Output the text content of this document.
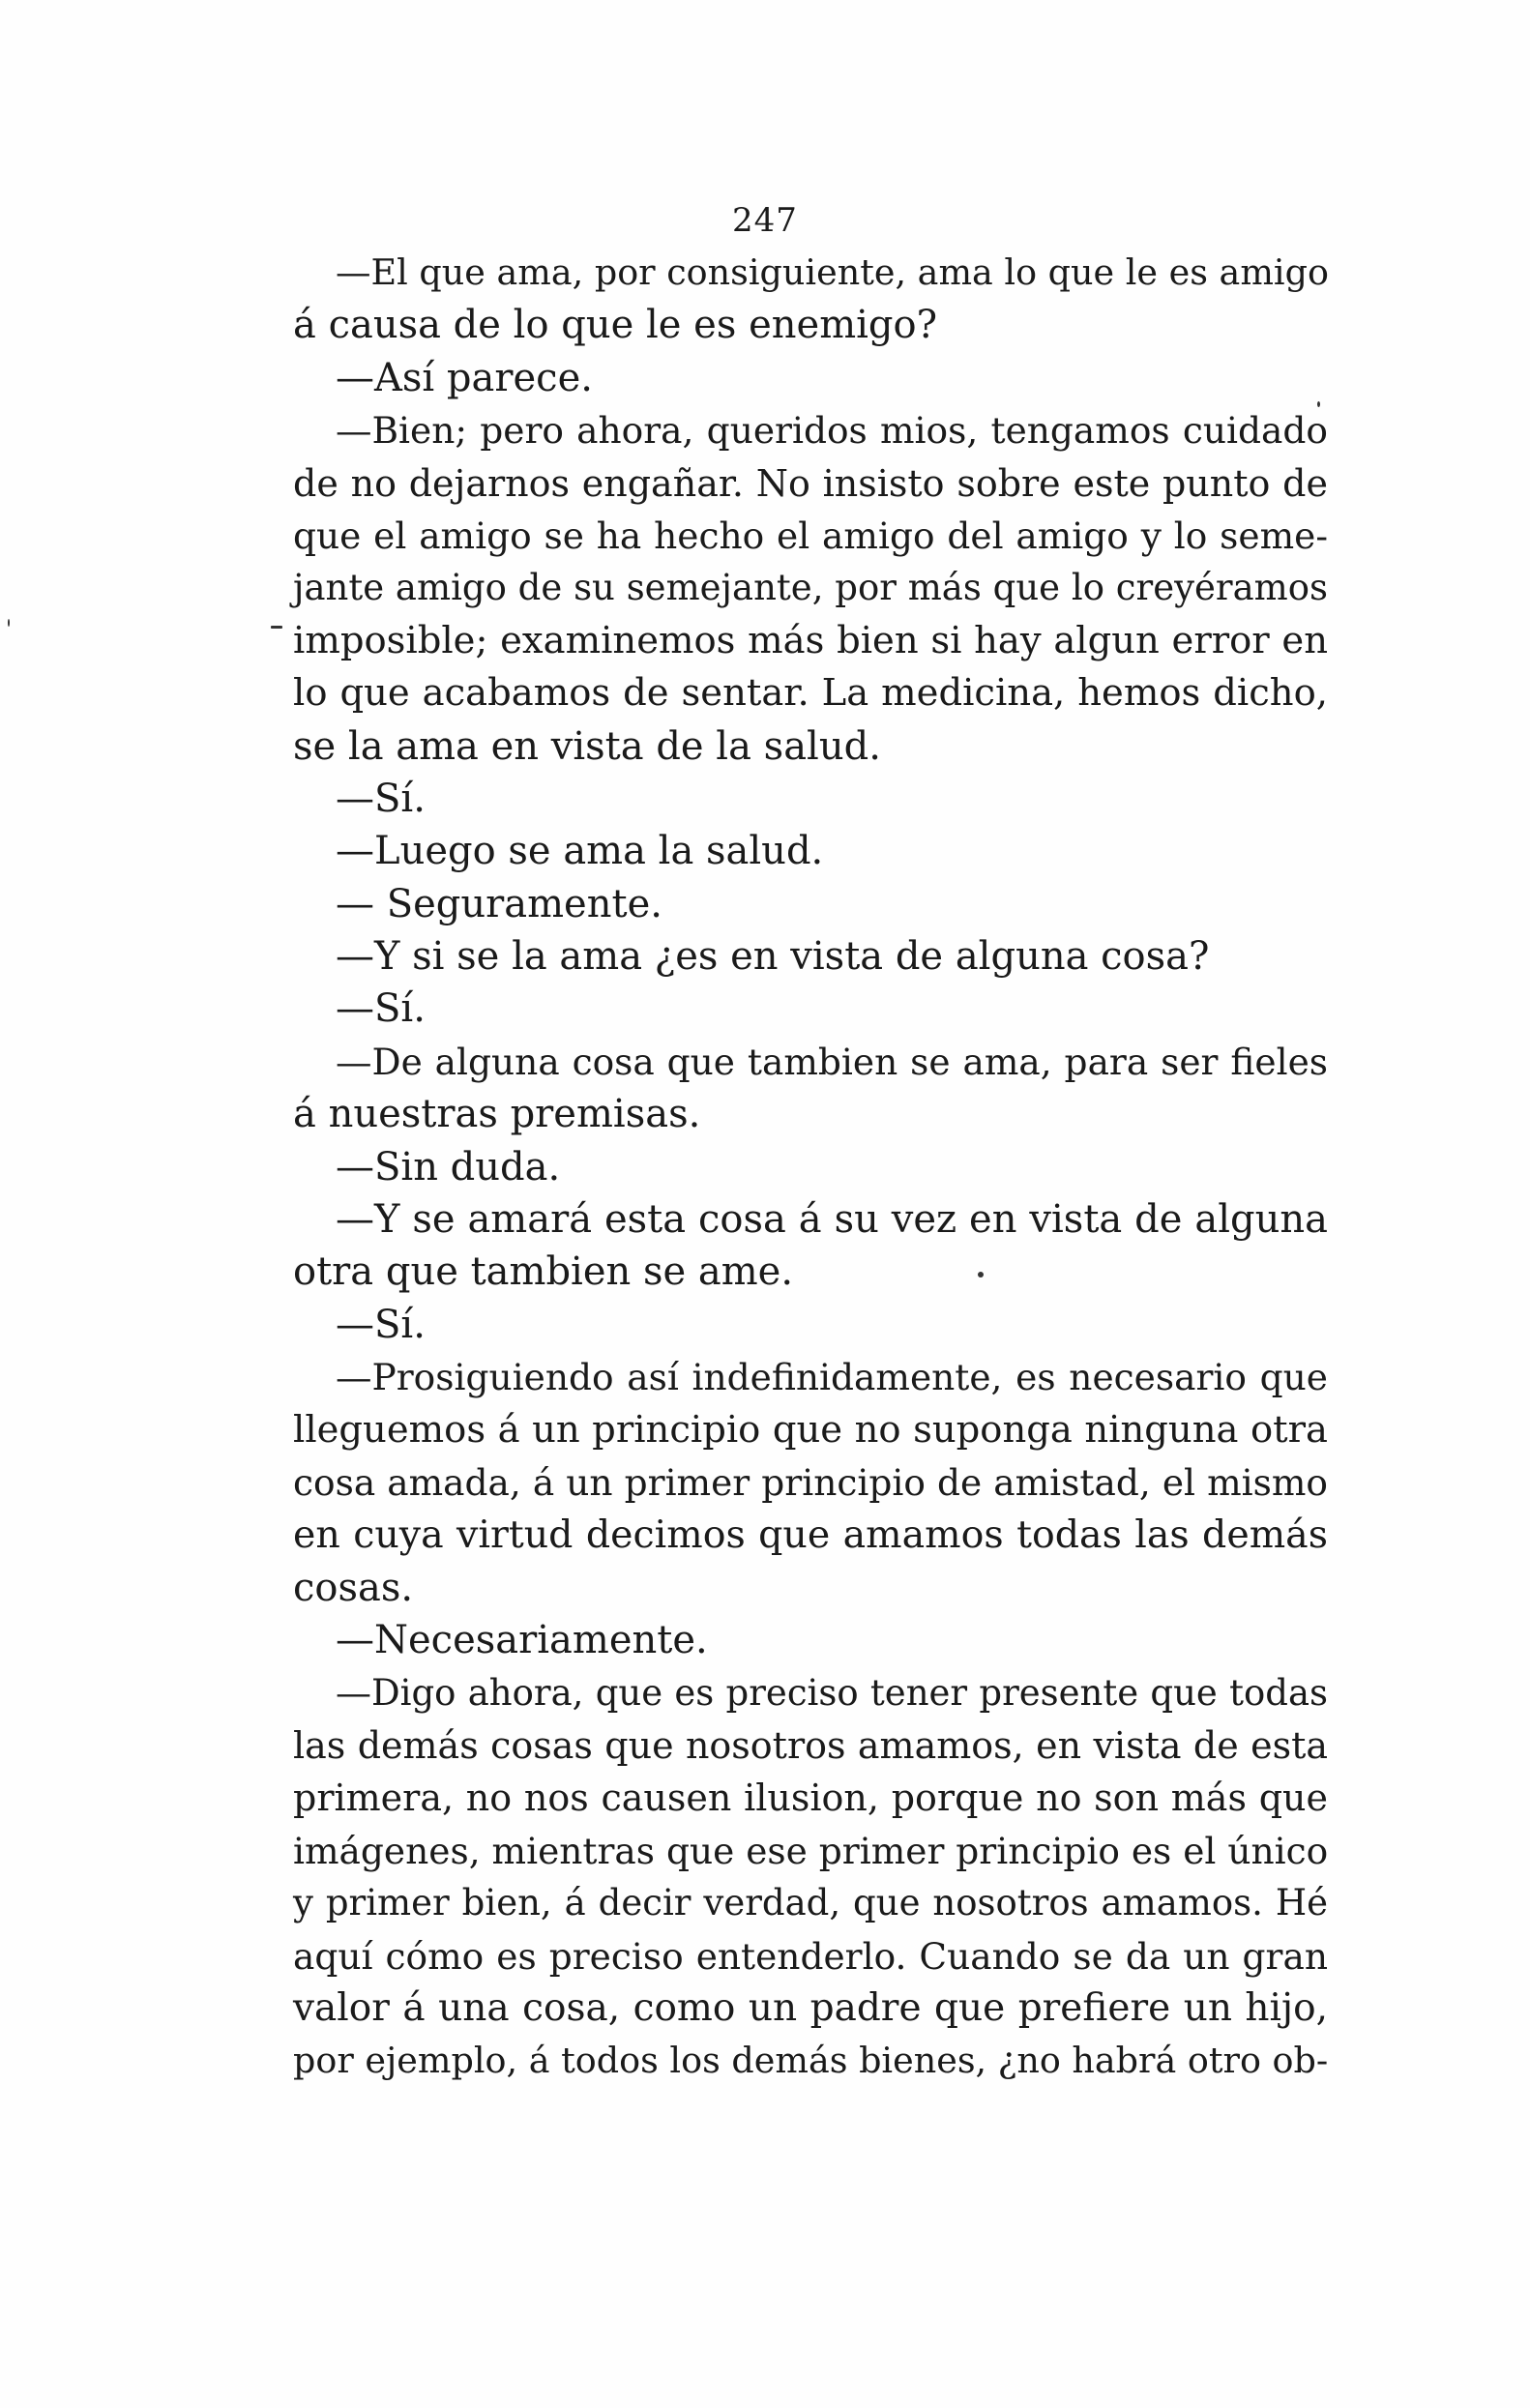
247
—El que ama, por consiguiente, ama lo que le es amigo
á causa de lo que le es enemigo?
—Así parece.
—Bien; pero ahora, queridos mios, tengamos cuidado
de no dejarnos engañar. No insisto sobre este punto de
que el amigo se ha hecho el amigo del amigo y lo seme-
jante amigo de su semejante, por más que lo creyéramos
imposible; examinemos más bien si hay algun error en
lo que acabamos de sentar. La medicina, hemos dicho,
se la ama en vista de la salud.
—Sí.
—Luego se ama la salud.
— Seguramente.
—Y si se la ama ¿es en vista de alguna cosa?
—Sí.
—De alguna cosa que tambien se ama, para ser fieles
á nuestras premisas.
—Sin duda.
—Y se amará esta cosa á su vez en vista de alguna
otra que tambien se ame.
—Sí.
—Prosiguiendo así indefinidamente, es necesario que
lleguemos á un principio que no suponga ninguna otra
cosa amada, á un primer principio de amistad, el mismo
en cuya virtud decimos que amamos todas las demás
cosas.
—Necesariamente.
—Digo ahora, que es preciso tener presente que todas
las demás cosas que nosotros amamos, en vista de esta
primera, no nos causen ilusion, porque no son más que
imágenes, mientras que ese primer principio es el único
y primer bien, á decir verdad, que nosotros amamos. Hé
aquí cómo es preciso entenderlo. Cuando se da un gran
valor á una cosa, como un padre que prefiere un hijo,
por ejemplo, á todos los demás bienes, ¿no habrá otro ob-
